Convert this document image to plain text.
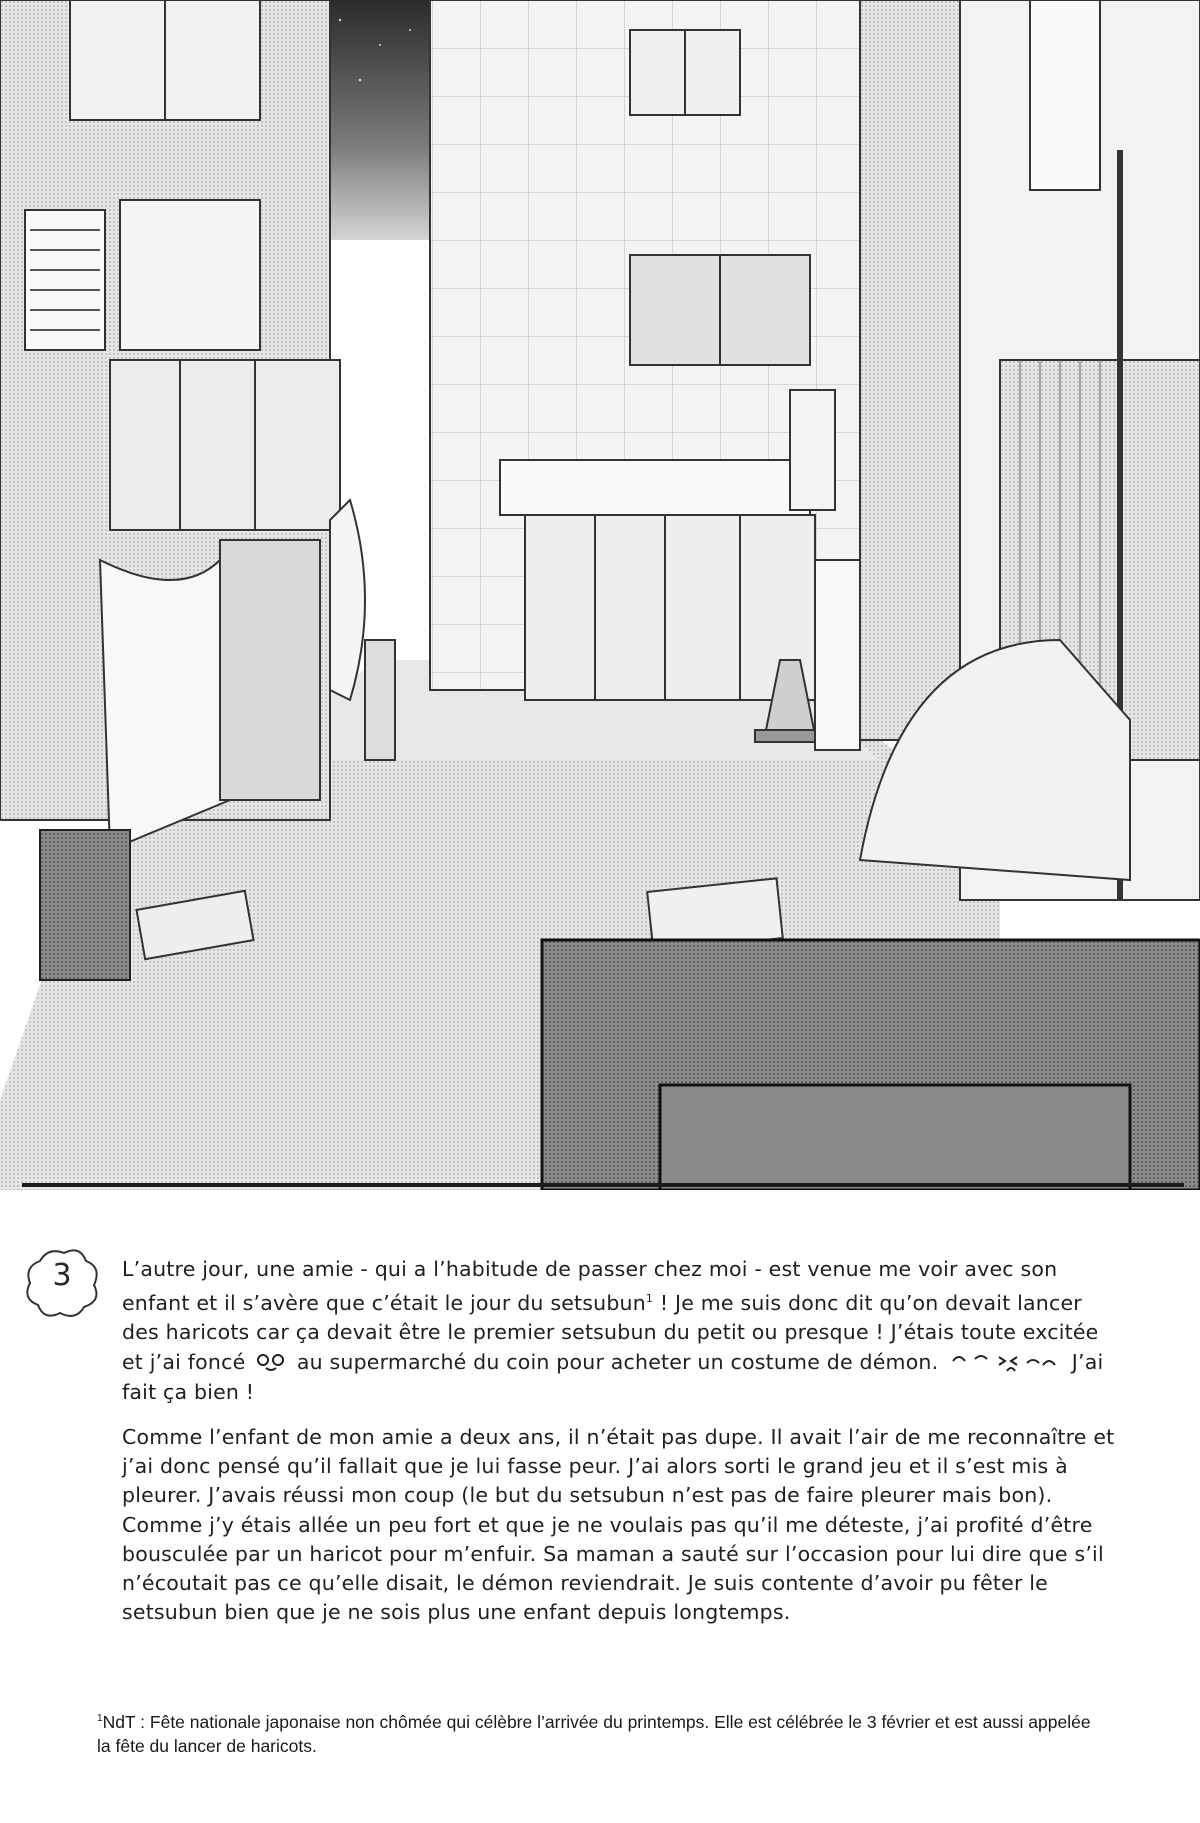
3	L’autre jour, une amie - qui a l’habitude de passer chez moi - est venue me voir avec son enfant et il s’avère que c’était le jour du setsubun$^1$ ! Je me suis donc dit qu’on devait lancer des haricots car ça devait être le premier setsubun du petit ou presque ! J’étais toute excitée et j’ai foncé  au supermarché du coin pour acheter un costume de démon.	J’ai fait ça bien !

Comme l’enfant de mon amie a deux ans, il n’était pas dupe. Il avait l’air de me reconnaître et j’ai donc pensé qu’il fallait que je lui fasse peur. J’ai alors sorti le grand jeu et il s’est mis à pleurer. J’avais réussi mon coup (le but du setsubun n’est pas de faire pleurer mais bon). Comme j’y étais allée un peu fort et que je ne voulais pas qu’il me déteste, j’ai profité d’être bousculée par un haricot pour m’enfuir. Sa maman a sauté sur l’occasion pour lui dire que s’il n’écoutait pas ce qu’elle disait, le démon reviendrait. Je suis contente d’avoir pu fêter le setsubun bien que je ne sois plus une enfant depuis longtemps.

$^1$NdT : Fête nationale japonaise non chômée qui célèbre l’arrivée du printemps. Elle est célébrée le 3 février et est aussi appelée la fête du lancer de haricots.
